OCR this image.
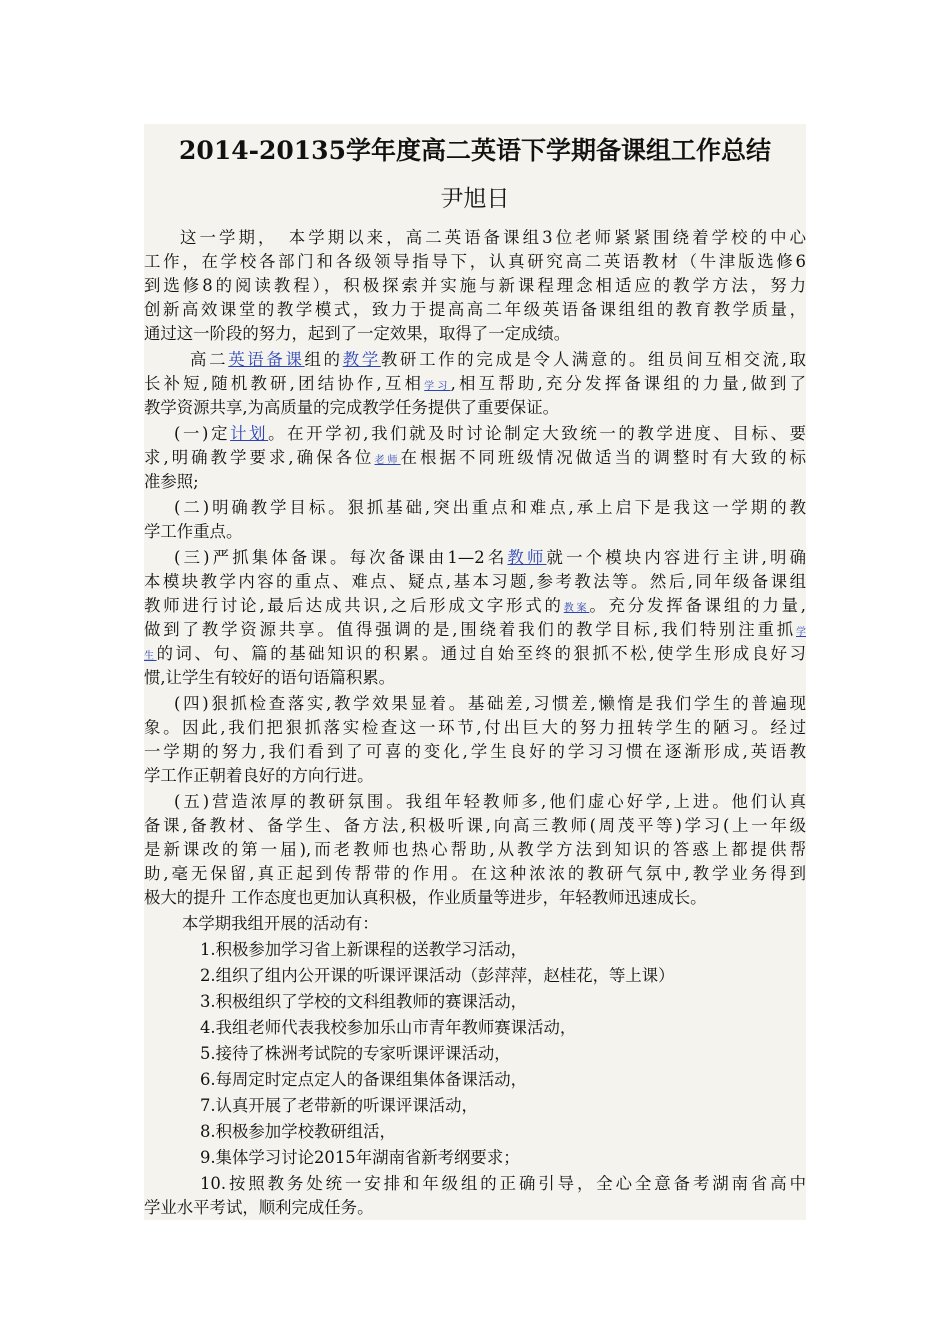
2014-20135学年度高二英语下学期备课组工作总结
尹旭日
这一学期，　本学期以来，高二英语备课组3位老师紧紧围绕着学校的中心
工作，在学校各部门和各级领导指导下，认真研究高二英语教材（牛津版选修6
到选修8的阅读教程），积极探索并实施与新课程理念相适应的教学方法，努力
创新高效课堂的教学模式，致力于提高高二年级英语备课组组的教育教学质量，
通过这一阶段的努力，起到了一定效果，取得了一定成绩。
高二英语备课组的教学教研工作的完成是令人满意的。组员间互相交流,取
长补短,随机教研,团结协作,互相学习,相互帮助,充分发挥备课组的力量,做到了
教学资源共享,为高质量的完成教学任务提供了重要保证。
(一)定计划。在开学初,我们就及时讨论制定大致统一的教学进度、目标、要
求,明确教学要求,确保各位老师在根据不同班级情况做适当的调整时有大致的标
准参照;
(二)明确教学目标。狠抓基础,突出重点和难点,承上启下是我这一学期的教
学工作重点。
(三)严抓集体备课。每次备课由1—2名教师就一个模块内容进行主讲,明确
本模块教学内容的重点、难点、疑点,基本习题,参考教法等。然后,同年级备课组
教师进行讨论,最后达成共识,之后形成文字形式的教案。充分发挥备课组的力量,
做到了教学资源共享。值得强调的是,围绕着我们的教学目标,我们特别注重抓学
生的词、句、篇的基础知识的积累。通过自始至终的狠抓不松,使学生形成良好习
惯,让学生有较好的语句语篇积累。
(四)狠抓检查落实,教学效果显着。基础差,习惯差,懒惰是我们学生的普遍现
象。因此,我们把狠抓落实检查这一环节,付出巨大的努力扭转学生的陋习。经过
一学期的努力,我们看到了可喜的变化,学生良好的学习习惯在逐渐形成,英语教
学工作正朝着良好的方向行进。
(五)营造浓厚的教研氛围。我组年轻教师多,他们虚心好学,上进。他们认真
备课,备教材、备学生、备方法,积极听课,向高三教师(周茂平等)学习(上一年级
是新课改的第一届),而老教师也热心帮助,从教学方法到知识的答惑上都提供帮
助,毫无保留,真正起到传帮带的作用。在这种浓浓的教研气氛中,教学业务得到
极大的提升 工作态度也更加认真积极，作业质量等进步，年轻教师迅速成长。
本学期我组开展的活动有：
1.积极参加学习省上新课程的送教学习活动，
2.组织了组内公开课的听课评课活动（彭萍萍，赵桂花，等上课）
3.积极组织了学校的文科组教师的赛课活动，
4.我组老师代表我校参加乐山市青年教师赛课活动，
5.接待了株洲考试院的专家听课评课活动，
6.每周定时定点定人的备课组集体备课活动，
7.认真开展了老带新的听课评课活动，
8.积极参加学校教研组活，
9.集体学习讨论2015年湖南省新考纲要求；
10.按照教务处统一安排和年级组的正确引导，全心全意备考湖南省高中
学业水平考试，顺利完成任务。
